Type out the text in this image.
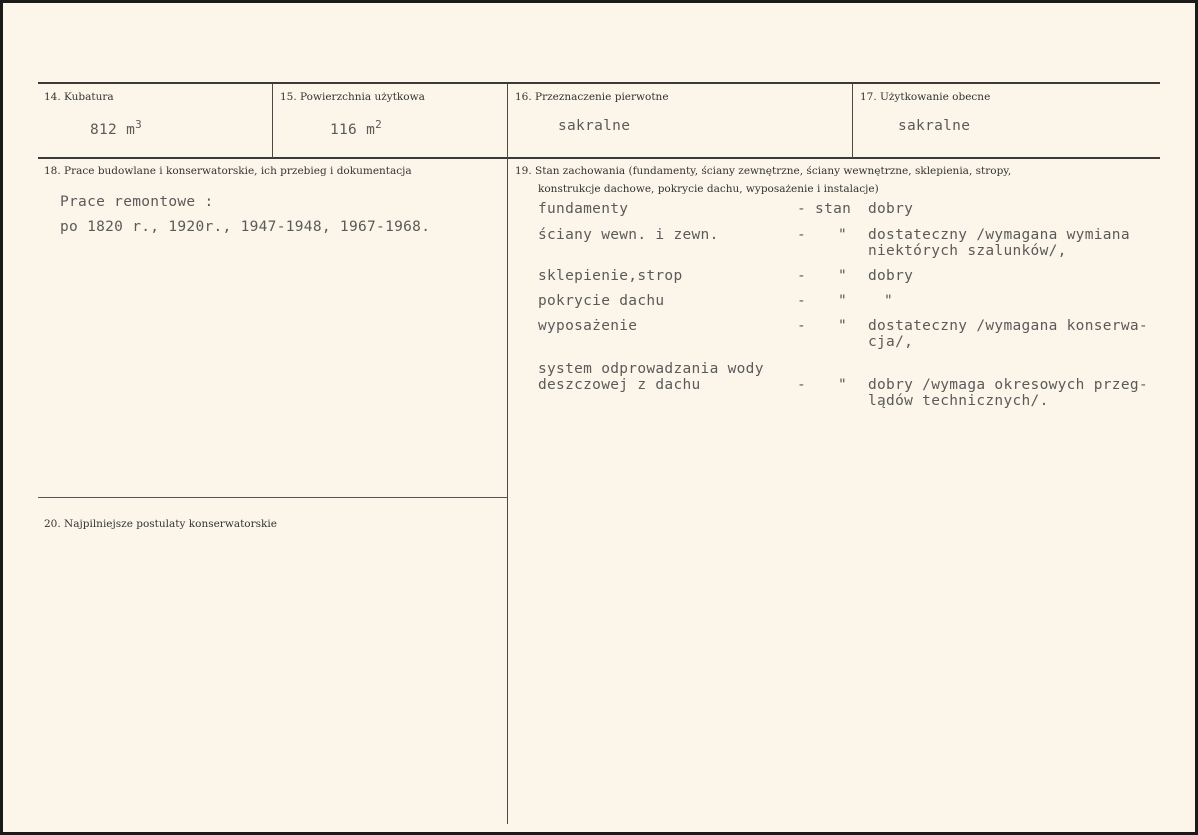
14. Kubatura	15. Powierzchnia użytkowa	16. Przeznaczenie pierwotne	17. Użytkowanie obecne
812 $m^3$	116 $m^2$	sakralne	sakralne
18. Prace budowlane i konserwatorskie, ich przebieg i dokumentacja
Prace remontowe :
po 1820 r., 1920r., 1947-1948, 1967-1968.
19. Stan zachowania (fundamenty, ściany zewnętrzne, ściany wewnętrzne, sklepienia, stropy,
konstrukcje dachowe, pokrycie dachu, wyposażenie i instalacje)
fundamenty	- stan dobry
ściany wewn. i zewn.	- " dostateczny /wymagana wymiana
niektórych szalunków/,
sklepienie,strop	- " dobry
pokrycie dachu	- "	"
wyposażenie	- " dostateczny /wymagana konserwa-
cja/,
system odprowadzania wody
deszczowej z dachu	- " dobry /wymaga okresowych przeg-
lądów technicznych/.
20. Najpilniejsze postulaty konserwatorskie
